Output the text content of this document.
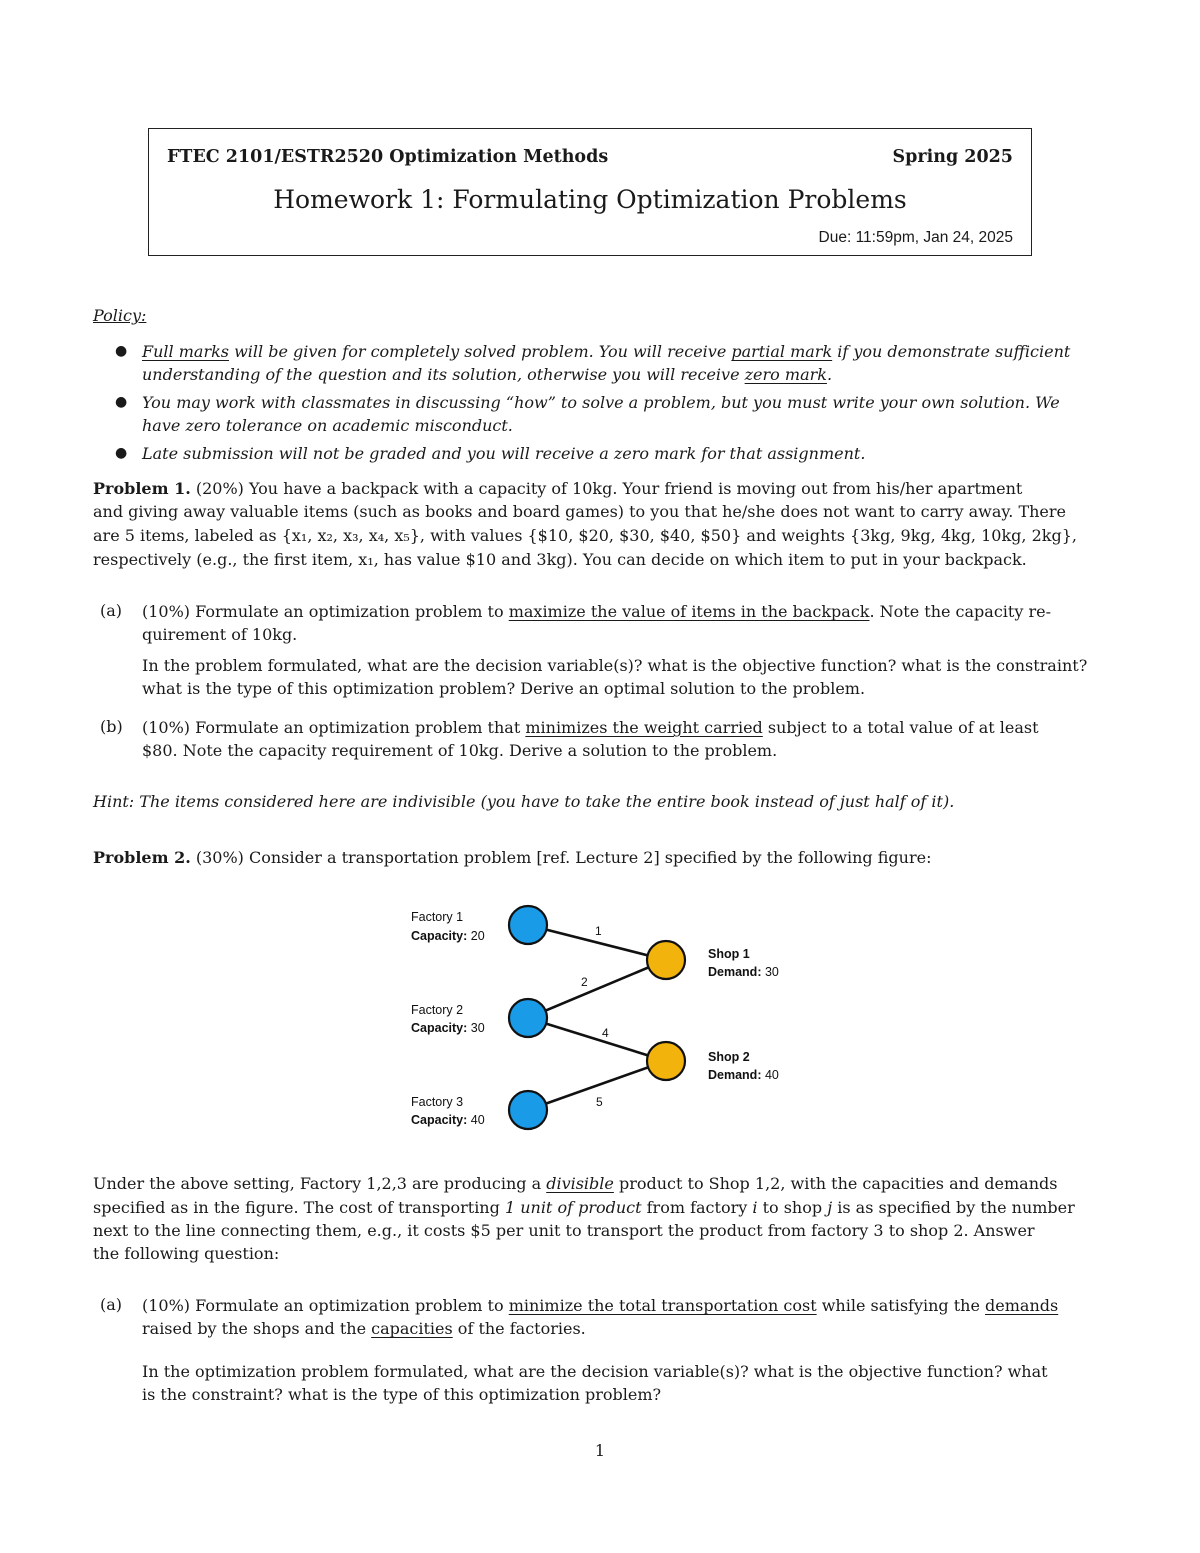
FTEC 2101/ESTR2520 Optimization Methods	Spring 2025
Homework 1: Formulating Optimization Problems
Due: 11:59pm, Jan 24, 2025
Policy:
● Full marks will be given for completely solved problem. You will receive partial mark if you demonstrate sufficient
understanding of the question and its solution, otherwise you will receive zero mark.
● You may work with classmates in discussing “how” to solve a problem, but you must write your own solution. We
have zero tolerance on academic misconduct.
● Late submission will not be graded and you will receive a zero mark for that assignment.
Problem 1. (20%) You have a backpack with a capacity of 10kg. Your friend is moving out from his/her apartment
and giving away valuable items (such as books and board games) to you that he/she does not want to carry away. There
are 5 items, labeled as {x₁, x₂, x₃, x₄, x₅}, with values {$10, $20, $30, $40, $50} and weights {3kg, 9kg, 4kg, 10kg, 2kg},
respectively (e.g., the first item, x₁, has value $10 and 3kg). You can decide on which item to put in your backpack.
(a) (10%) Formulate an optimization problem to maximize the value of items in the backpack. Note the capacity re-
quirement of 10kg.
In the problem formulated, what are the decision variable(s)? what is the objective function? what is the constraint?
what is the type of this optimization problem? Derive an optimal solution to the problem.
(b) (10%) Formulate an optimization problem that minimizes the weight carried subject to a total value of at least
$80. Note the capacity requirement of 10kg. Derive a solution to the problem.
Hint: The items considered here are indivisible (you have to take the entire book instead of just half of it).
Problem 2. (30%) Consider a transportation problem [ref. Lecture 2] specified by the following figure:
1
2
4
5
Factory 1
Capacity: 20
Factory 2
Capacity: 30
Factory 3
Capacity: 40
Shop 1
Demand: 30
Shop 2
Demand: 40
Under the above setting, Factory 1,2,3 are producing a divisible product to Shop 1,2, with the capacities and demands
specified as in the figure. The cost of transporting 1 unit of product from factory i to shop j is as specified by the number
next to the line connecting them, e.g., it costs $5 per unit to transport the product from factory 3 to shop 2. Answer
the following question:
(a) (10%) Formulate an optimization problem to minimize the total transportation cost while satisfying the demands
raised by the shops and the capacities of the factories.
In the optimization problem formulated, what are the decision variable(s)? what is the objective function? what
is the constraint? what is the type of this optimization problem?
1
